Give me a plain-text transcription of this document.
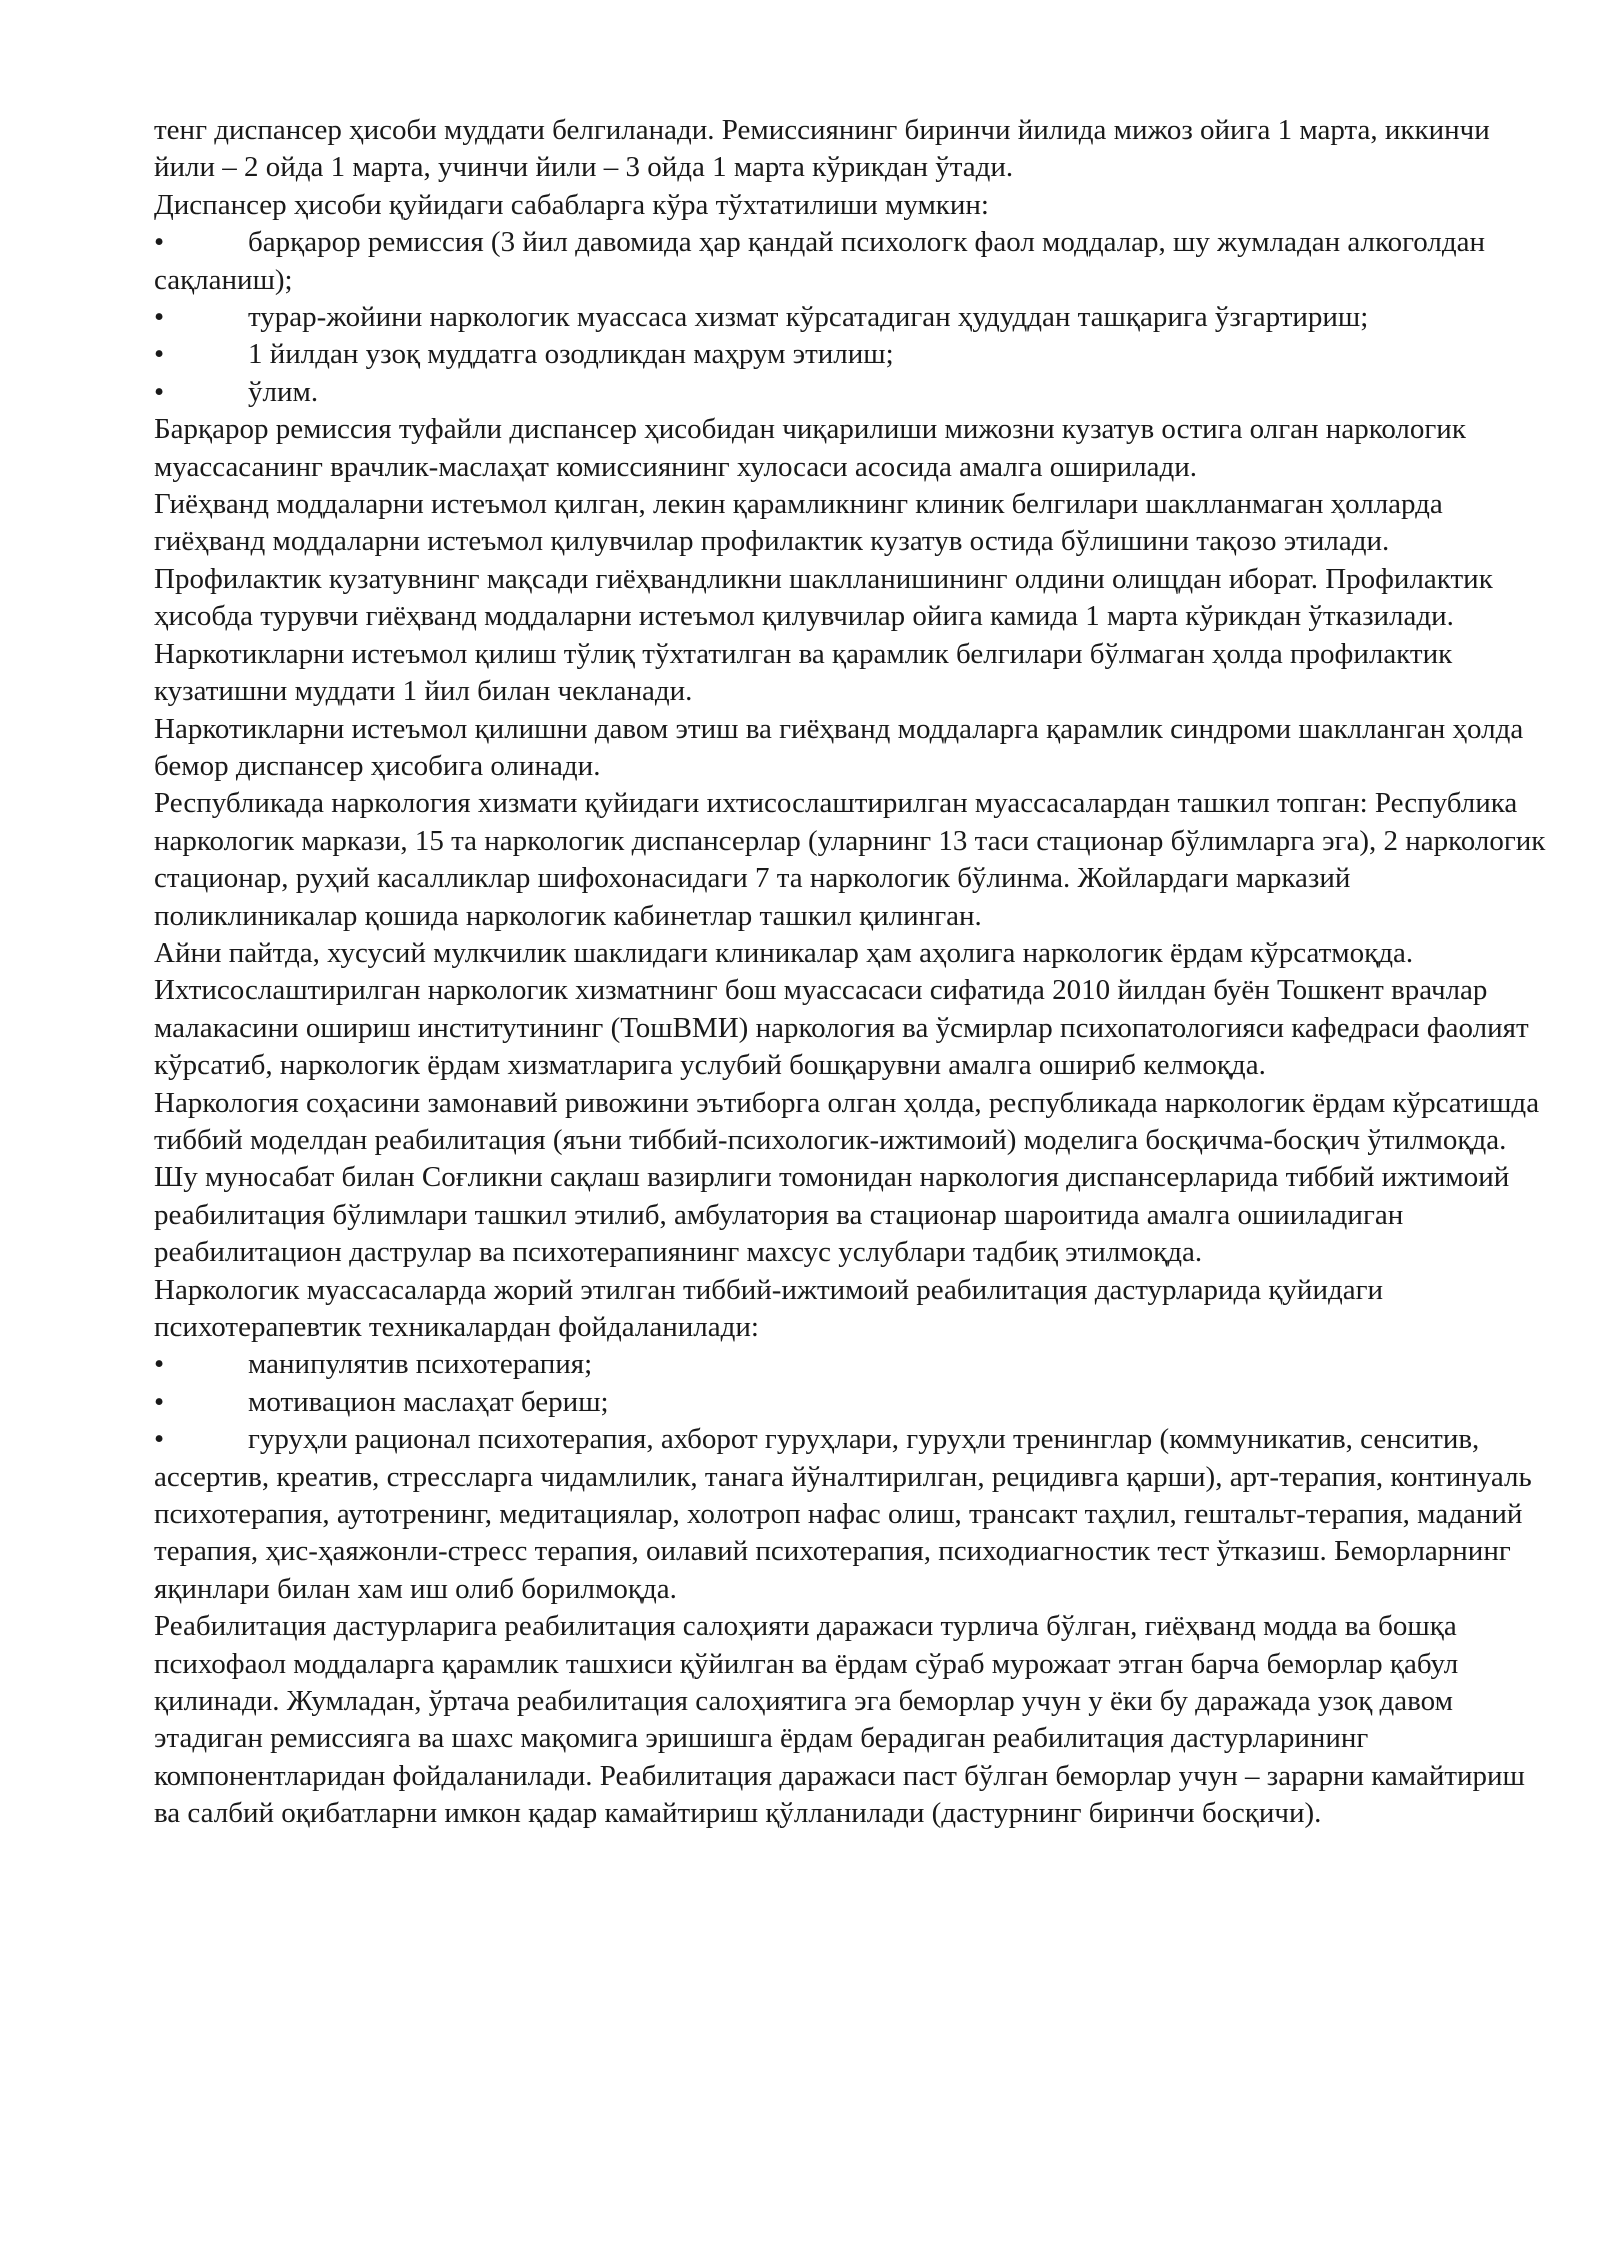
тенг диспансер ҳисоби муддати белгиланади. Ремиссиянинг биринчи йилида мижоз ойига 1 марта, иккинчи йили – 2 ойда 1 марта, учинчи йили – 3 ойда 1 марта кўрикдан ўтади.

Диспансер ҳисоби қуйидаги сабабларга кўра тўхтатилиши мумкин:

•	барқарор ремиссия (3 йил давомида ҳар қандай психологк фаол моддалар, шу жумладан алкоголдан сақланиш);
•	турар-жойини наркологик муассаса хизмат кўрсатадиган ҳудуддан ташқарига ўзгартириш;
•	1 йилдан узоқ муддатга озодликдан маҳрум этилиш;
•	ўлим.

Барқарор ремиссия туфайли диспансер ҳисобидан чиқарилиши мижозни кузатув остига олган наркологик муассасанинг врачлик-маслаҳат комиссиянинг хулосаси асосида амалга оширилади.

Гиёҳванд моддаларни истеъмол қилган, лекин қарамликнинг клиник белгилари шаклланмаган ҳолларда гиёҳванд моддаларни истеъмол қилувчилар профилактик кузатув остида бўлишини тақозо этилади. Профилактик кузатувнинг мақсади гиёҳвандликни шаклланишининг олдини олищдан иборат. Профилактик ҳисобда турувчи гиёҳванд моддаларни истеъмол қилувчилар ойига камида 1 марта кўрикдан ўтказилади. Наркотикларни истеъмол қилиш тўлиқ тўхтатилган ва қарамлик белгилари бўлмаган ҳолда профилактик кузатишни муддати 1 йил билан чекланади.

Наркотикларни истеъмол қилишни давом этиш ва гиёҳванд моддаларга қарамлик синдроми шаклланган ҳолда бемор диспансер ҳисобига олинади.

Республикада наркология хизмати қуйидаги ихтисослаштирилган муассасалардан ташкил топган: Республика наркологик маркази, 15 та наркологик диспансерлар (уларнинг 13 таси стационар бўлимларга эга), 2 наркологик стационар, руҳий касалликлар шифохонасидаги 7 та наркологик бўлинма. Жойлардаги марказий поликлиникалар қошида наркологик кабинетлар ташкил қилинган.

Айни пайтда, хусусий мулкчилик шаклидаги клиникалар ҳам аҳолига наркологик ёрдам кўрсатмоқда.

Ихтисослаштирилган наркологик хизматнинг бош муассасаси сифатида 2010 йилдан буён Тошкент врачлар малакасини ошириш институтининг (ТошВМИ) наркология ва ўсмирлар психопатологияси кафедраси фаолият кўрсатиб, наркологик ёрдам хизматларига услубий бошқарувни амалга ошириб келмоқда.

Наркология соҳасини замонавий ривожини эътиборга олган ҳолда, республикада наркологик ёрдам кўрсатишда тиббий моделдан реабилитация (яъни тиббий-психологик-ижтимоий) моделига босқичма-босқич ўтилмоқда.

Шу муносабат билан Соғликни сақлаш вазирлиги томонидан наркология диспансерларида тиббий ижтимоий реабилитация бўлимлари ташкил этилиб, амбулатория ва стационар шароитида амалга ошииладиган реабилитацион даструлар ва психотерапиянинг махсус услублари тадбиқ этилмоқда.

Наркологик муассасаларда жорий этилган тиббий-ижтимоий реабилитация дастурларида қуйидаги психотерапевтик техникалардан фойдаланилади:

•	манипулятив психотерапия;
•	мотивацион маслаҳат бериш;
•	гуруҳли рационал психотерапия, ахборот гуруҳлари, гуруҳли тренинглар (коммуникатив, сенситив, ассертив, креатив, стрессларга чидамлилик, танага йўналтирилган, рецидивга қарши), арт-терапия, континуаль психотерапия, аутотренинг, медитациялар, холотроп нафас олиш, трансакт таҳлил, гештальт-терапия, маданий терапия, ҳис-ҳаяжонли-стресс терапия, оилавий психотерапия, психодиагностик тест ўтказиш. Беморларнинг яқинлари билан хам иш олиб борилмоқда.

Реабилитация дастурларига реабилитация салоҳияти даражаси турлича бўлган, гиёҳванд модда ва бошқа психофаол моддаларга қарамлик ташхиси қўйилган ва ёрдам сўраб мурожаат этган барча беморлар қабул қилинади. Жумладан, ўртача реабилитация салоҳиятига эга беморлар учун у ёки бу даражада узоқ давом этадиган ремиссияга ва шахс мақомига эришишга ёрдам берадиган реабилитация дастурларининг компонентларидан фойдаланилади. Реабилитация даражаси паст бўлган беморлар учун – зарарни камайтириш ва салбий оқибатларни имкон қадар камайтириш қўлланилади (дастурнинг биринчи босқичи).
